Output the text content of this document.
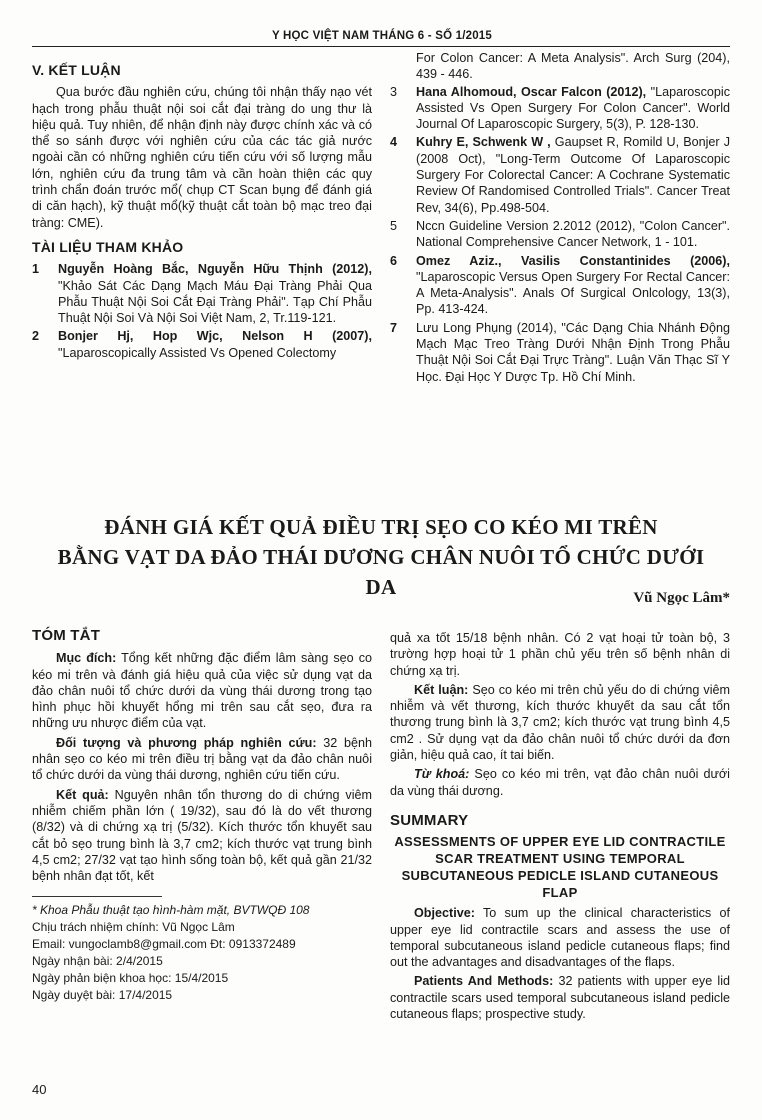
Y HỌC VIỆT NAM THÁNG 6 - SỐ 1/2015
V. KẾT LUẬN

Qua bước đầu nghiên cứu, chúng tôi nhận thấy nạo vét hạch trong phẫu thuật nội soi cắt đại tràng do ung thư là hiệu quả. Tuy nhiên, để nhận định này được chính xác và có thể so sánh được với nghiên cứu của các tác giả nước ngoài cần có những nghiên cứu tiến cứu với số lượng mẫu lớn, nghiên cứu đa trung tâm và cần hoàn thiện các quy trình chẩn đoán trước mổ( chụp CT Scan bụng để đánh giá di căn hạch), kỹ thuật mổ(kỹ thuật cắt toàn bộ mạc treo đại tràng: CME).

TÀI LIỆU THAM KHẢO
1 Nguyễn Hoàng Bắc, Nguyễn Hữu Thịnh (2012), "Khảo Sát Các Dạng Mạch Máu Đại Tràng Phải Qua Phẫu Thuật Nội Soi Cắt Đại Tràng Phải". Tạp Chí Phẫu Thuật Nội Soi Và Nội Soi Việt Nam, 2, Tr.119-121.
2 Bonjer Hj, Hop Wjc, Nelson H (2007), "Laparoscopically Assisted Vs Opened Colectomy
For Colon Cancer: A Meta Analysis". Arch Surg (204), 439 - 446.
3 Hana Alhomoud, Oscar Falcon (2012), "Laparoscopic Assisted Vs Open Surgery For Colon Cancer". World Journal Of Laparoscopic Surgery, 5(3), P. 128-130.
4 Kuhry E, Schwenk W , Gaupset R, Romild U, Bonjer J (2008 Oct), "Long-Term Outcome Of Laparoscopic Surgery For Colorectal Cancer: A Cochrane Systematic Review Of Randomised Controlled Trials". Cancer Treat Rev, 34(6), Pp.498-504.
5 Nccn Guideline Version 2.2012 (2012), "Colon Cancer". National Comprehensive Cancer Network, 1 - 101.
6 Omez Aziz., Vasilis Constantinides (2006), "Laparoscopic Versus Open Surgery For Rectal Cancer: A Meta-Analysis". Anals Of Surgical Onlcology, 13(3), Pp. 413-424.
7 Lưu Long Phụng (2014), "Các Dạng Chia Nhánh Động Mạch Mạc Treo Tràng Dưới Nhận Định Trong Phẫu Thuật Nội Soi Cắt Đại Trực Tràng". Luận Văn Thạc Sĩ Y Học. Đại Học Y Dược Tp. Hồ Chí Minh.
ĐÁNH GIÁ KẾT QUẢ ĐIỀU TRỊ SẸO CO KÉO MI TRÊN
BẰNG VẠT DA ĐẢO THÁI DƯƠNG CHÂN NUÔI TỔ CHỨC DƯỚI DA	Vũ Ngọc Lâm*
TÓM TẮT

Mục đích: Tổng kết những đặc điểm lâm sàng sẹo co kéo mi trên và đánh giá hiệu quả của việc sử dụng vạt da đảo chân nuôi tổ chức dưới da vùng thái dương trong tạo hình phục hồi khuyết hổng mi trên sau cắt sẹo, đưa ra những ưu nhược điểm của vạt.

Đối tượng và phương pháp nghiên cứu: 32 bệnh nhân sẹo co kéo mi trên điều trị bằng vạt da đảo chân nuôi tổ chức dưới da vùng thái dương, nghiên cứu tiến cứu.

Kết quả: Nguyên nhân tổn thương do di chứng viêm nhiễm chiếm phần lớn ( 19/32), sau đó là do vết thương (8/32) và di chứng xạ trị (5/32). Kích thước tổn khuyết sau cắt bỏ sẹo trung bình là 3,7 cm2; kích thước vạt trung bình 4,5 cm2; 27/32 vạt tạo hình sống toàn bộ, kết quả gần 21/32 bệnh nhân đạt tốt, kết

* Khoa Phẫu thuật tạo hình-hàm mặt, BVTWQĐ 108
Chịu trách nhiệm chính: Vũ Ngọc Lâm
Email: vungoclamb8@gmail.com Đt: 0913372489
Ngày nhận bài: 2/4/2015
Ngày phản biện khoa học: 15/4/2015
Ngày duyệt bài: 17/4/2015

quả xa tốt 15/18 bệnh nhân. Có 2 vạt hoại tử toàn bộ, 3 trường hợp hoại tử 1 phần chủ yếu trên số bệnh nhân di chứng xạ trị.

Kết luận: Sẹo co kéo mi trên chủ yếu do di chứng viêm nhiễm và vết thương, kích thước khuyết da sau cắt tổn thương trung bình là 3,7 cm2; kích thước vạt trung bình 4,5 cm2 . Sử dụng vạt da đảo chân nuôi tổ chức dưới da đơn giản, hiệu quả cao, ít tai biến.

Từ khoá: Sẹo co kéo mi trên, vạt đảo chân nuôi dưới da vùng thái dương.

SUMMARY
ASSESSMENTS OF UPPER EYE LID CONTRACTILE SCAR TREATMENT USING TEMPORAL SUBCUTANEOUS PEDICLE ISLAND CUTANEOUS FLAP

Objective: To sum up the clinical characteristics of upper eye lid contractile scars and assess the use of temporal subcutaneous island pedicle cutaneous flaps; find out the advantages and disadvantages of the flaps.

Patients And Methods: 32 patients with upper eye lid contractile scars used temporal subcutaneous island pedicle cutaneous flaps; prospective study.

40
